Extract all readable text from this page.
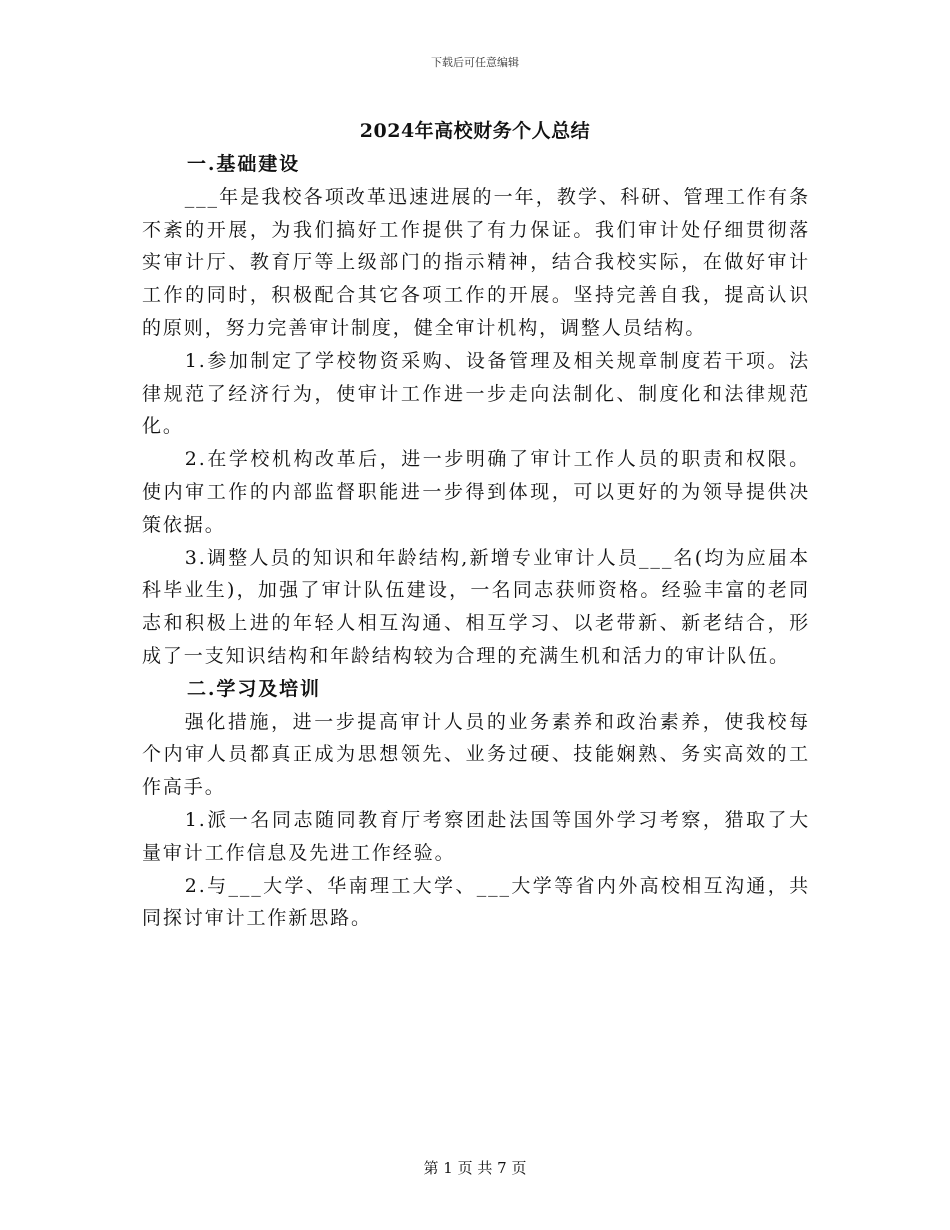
下载后可任意编辑
2024年高校财务个人总结
一.基础建设

___年是我校各项改革迅速进展的一年，教学、科研、管理工作有条不紊的开展，为我们搞好工作提供了有力保证。我们审计处仔细贯彻落实审计厅、教育厅等上级部门的指示精神，结合我校实际，在做好审计工作的同时，积极配合其它各项工作的开展。坚持完善自我，提高认识的原则，努力完善审计制度，健全审计机构，调整人员结构。

1.参加制定了学校物资采购、设备管理及相关规章制度若干项。法律规范了经济行为，使审计工作进一步走向法制化、制度化和法律规范化。

2.在学校机构改革后，进一步明确了审计工作人员的职责和权限。使内审工作的内部监督职能进一步得到体现，可以更好的为领导提供决策依据。

3.调整人员的知识和年龄结构,新增专业审计人员___名(均为应届本科毕业生)，加强了审计队伍建设，一名同志获师资格。经验丰富的老同志和积极上进的年轻人相互沟通、相互学习、以老带新、新老结合，形成了一支知识结构和年龄结构较为合理的充满生机和活力的审计队伍。

二.学习及培训

强化措施，进一步提高审计人员的业务素养和政治素养，使我校每个内审人员都真正成为思想领先、业务过硬、技能娴熟、务实高效的工作高手。

1.派一名同志随同教育厅考察团赴法国等国外学习考察，猎取了大量审计工作信息及先进工作经验。

2.与___大学、华南理工大学、___大学等省内外高校相互沟通，共同探讨审计工作新思路。

第 1 页 共 7 页
